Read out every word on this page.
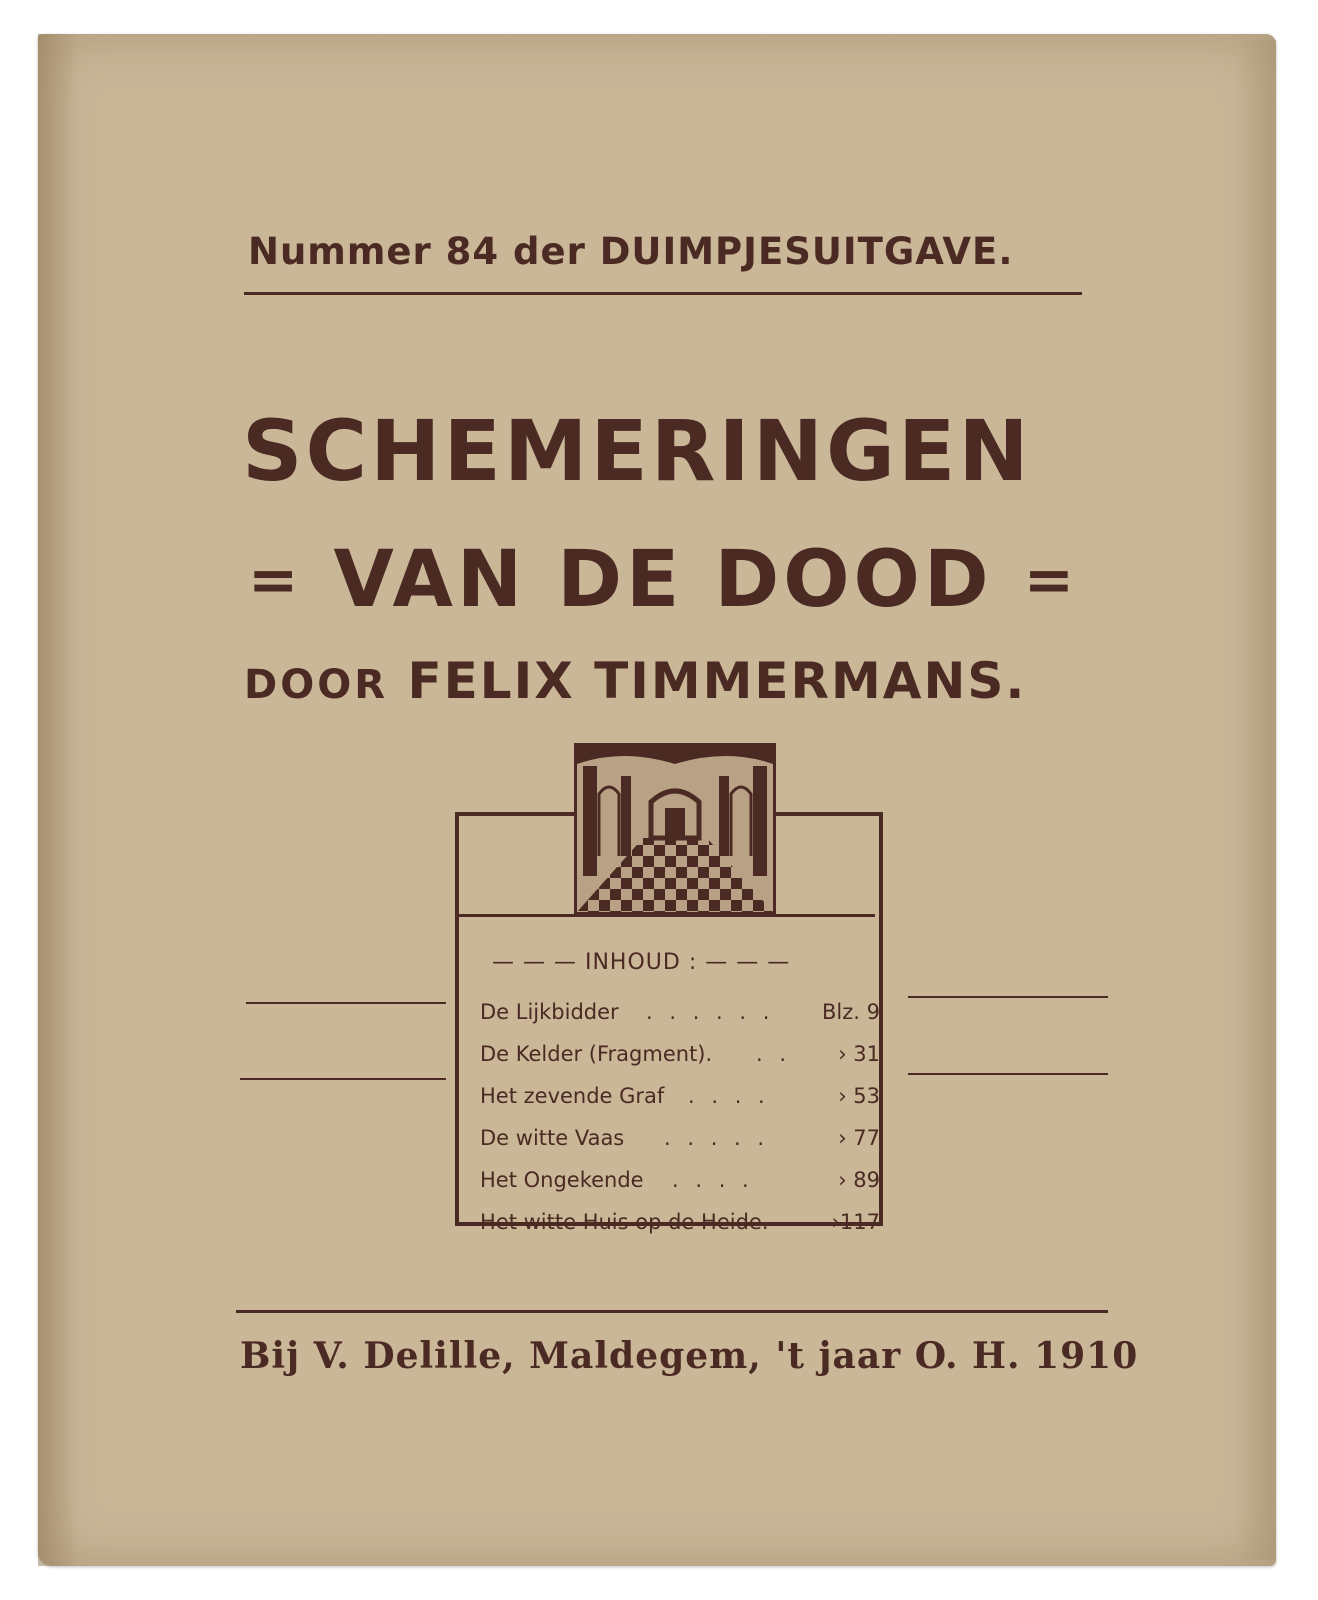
Nummer 84 der DUIMPJESUITGAVE.
SCHEMERINGEN
= VAN DE DOOD =
DOOR FELIX TIMMERMANS.
— — — INHOUD : — — —
De Lijkbidder . . . . . . Blz. 9
De Kelder (Fragment). . . › 31
Het zevende Graf . . . .	› 53
De witte Vaas . . . . .	› 77
Het Ongekende . . . .	› 89
Het witte Huis op de Heide.	›117
Bij V. Delille, Maldegem, 't jaar O. H. 1910
